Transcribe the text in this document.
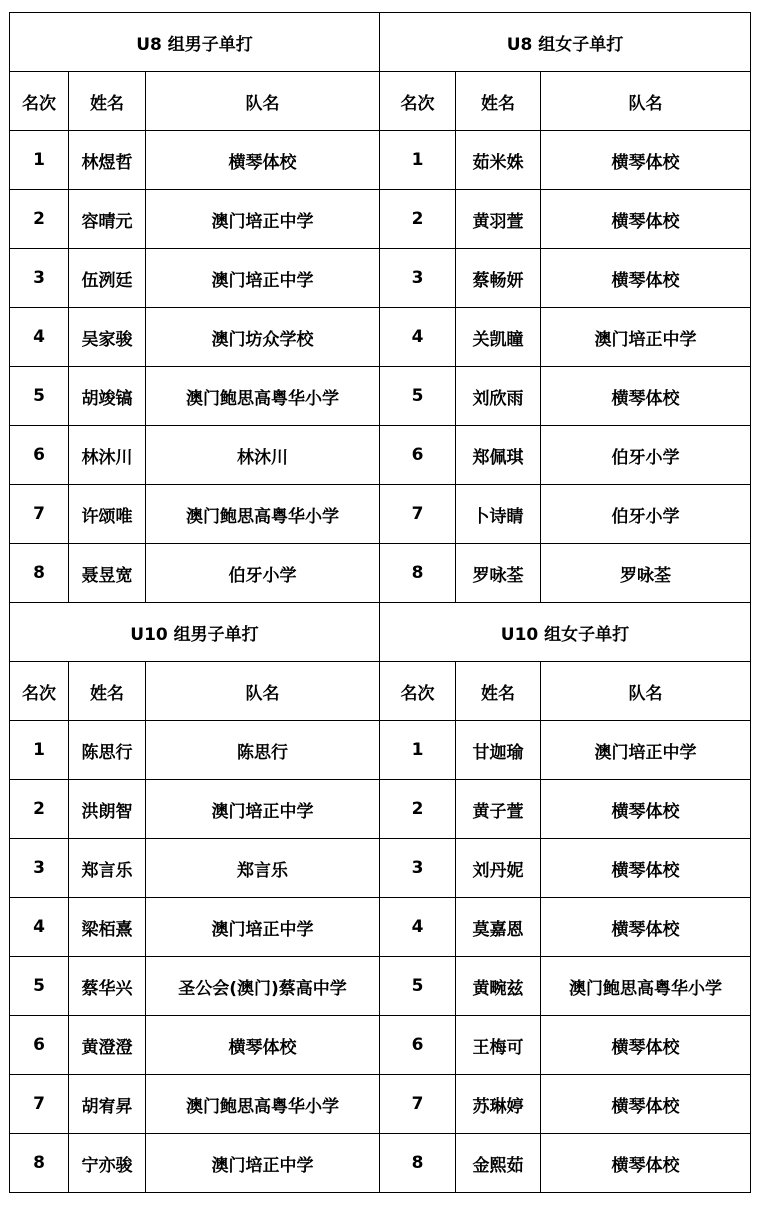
U8 组男子单打			U8 组女子单打		
名次	姓名	队名	名次	姓名	队名
1	林煜哲	横琴体校	1	茹米姝	横琴体校
2	容晴元	澳门培正中学	2	黄羽萱	横琴体校
3	伍洌廷	澳门培正中学	3	蔡畅妍	横琴体校
4	吴家骏	澳门坊众学校	4	关凯瞳	澳门培正中学
5	胡竣镐	澳门鲍思高粤华小学	5	刘欣雨	横琴体校
6	林沐川	林沐川	6	郑佩琪	伯牙小学
7	许颂唯	澳门鲍思高粤华小学	7	卜诗睛	伯牙小学
8	聂昱宽	伯牙小学	8	罗咏荃	罗咏荃
U10 组男子单打			U10 组女子单打		
名次	姓名	队名	名次	姓名	队名
1	陈思行	陈思行	1	甘迦瑜	澳门培正中学
2	洪朗智	澳门培正中学	2	黄子萱	横琴体校
3	郑言乐	郑言乐	3	刘丹妮	横琴体校
4	梁栢熹	澳门培正中学	4	莫嘉恩	横琴体校
5	蔡华兴	圣公会(澳门)蔡高中学	5	黄畹兹	澳门鲍思高粤华小学
6	黄澄澄	横琴体校	6	王梅可	横琴体校
7	胡宥昇	澳门鲍思高粤华小学	7	苏琳婷	横琴体校
8	宁亦骏	澳门培正中学	8	金熙茹	横琴体校
